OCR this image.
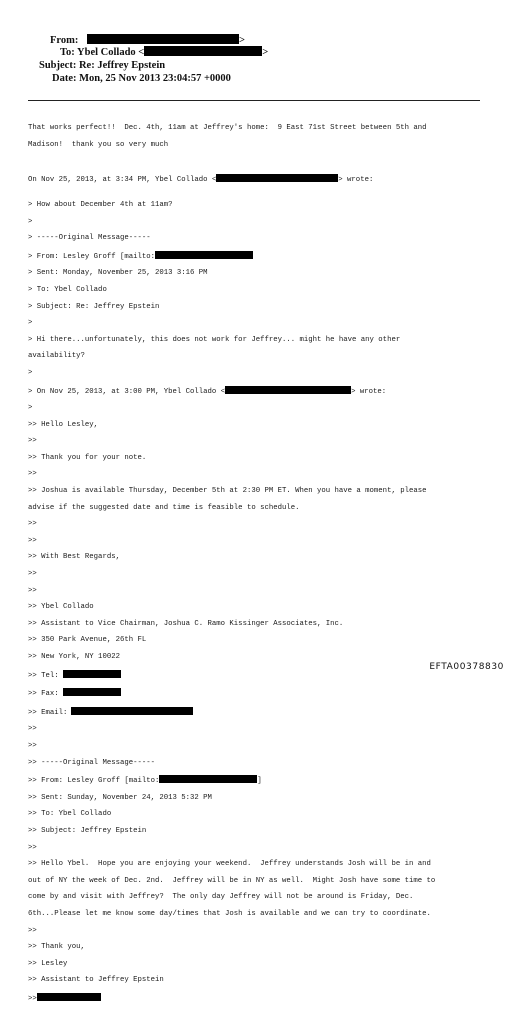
From:	>
To: Ybel Collado <	>
Subject: Re: Jeffrey Epstein
Date: Mon, 25 Nov 2013 23:04:57 +0000

That works perfect!!  Dec. 4th, 11am at Jeffrey's home:  9 East 71st Street between 5th and

Madison!  thank you so very much

On Nov 25, 2013, at 3:34 PM, Ybel Collado <	> wrote:

> How about December 4th at 11am?

>

> -----Original Message-----

> From: Lesley Groff [mailto:

> Sent: Monday, November 25, 2013 3:16 PM

> To: Ybel Collado

> Subject: Re: Jeffrey Epstein

>

> Hi there...unfortunately, this does not work for Jeffrey... might he have any other

availability?

>

> On Nov 25, 2013, at 3:00 PM, Ybel Collado <	> wrote:

>

>> Hello Lesley,

>>

>> Thank you for your note.

>>

>> Joshua is available Thursday, December 5th at 2:30 PM ET. When you have a moment, please

advise if the suggested date and time is feasible to schedule.

>>

>>

>> With Best Regards,

>>

>>

>> Ybel Collado

>> Assistant to Vice Chairman, Joshua C. Ramo Kissinger Associates, Inc.

>> 350 Park Avenue, 26th FL

>> New York, NY 10022

>> Tel:

>> Fax:

>> Email:

>>

>>

>> -----Original Message-----

>> From: Lesley Groff [mailto:	]

>> Sent: Sunday, November 24, 2013 5:32 PM

>> To: Ybel Collado

>> Subject: Jeffrey Epstein

>>

>> Hello Ybel.  Hope you are enjoying your weekend.  Jeffrey understands Josh will be in and

out of NY the week of Dec. 2nd.  Jeffrey will be in NY as well.  Might Josh have some time to

come by and visit with Jeffrey?  The only day Jeffrey will not be around is Friday, Dec.

6th...Please let me know some day/times that Josh is available and we can try to coordinate.

>>

>> Thank you,

>> Lesley

>> Assistant to Jeffrey Epstein

>>

EFTA00378830
